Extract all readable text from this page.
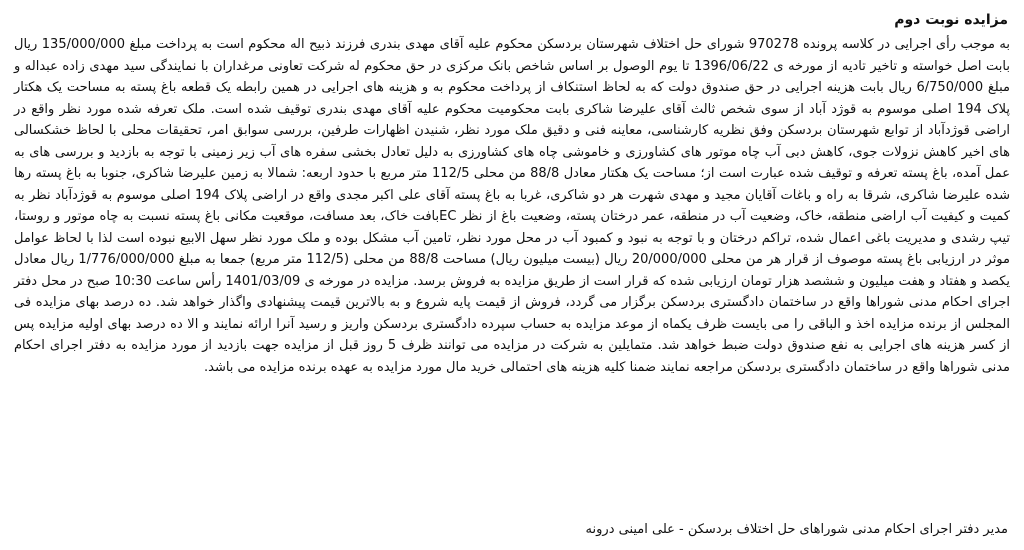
مزایده نوبت دوم

به موجب رأی اجرایی در کلاسه پرونده 970278 شورای حل اختلاف شهرستان بردسکن محکوم علیه آقای مهدی بندری فرزند ذبیح اله محکوم است به پرداخت مبلغ 135/000/000 ریال بابت اصل خواسته و تاخیر تادیه از مورخه ی 1396/06/22 تا یوم الوصول بر اساس شاخص بانک مرکزی در حق محکوم له شرکت تعاونی مرغداران با نمایندگی سید مهدی زاده عبداله و مبلغ 6/750/000 ریال بابت هزینه اجرایی در حق صندوق دولت که به لحاظ استنکاف از پرداخت محکوم به و هزینه های اجرایی در همین رابطه یک قطعه باغ پسته به مساحت یک هکتار پلاک 194 اصلی موسوم به قوژد آباد از سوی شخص ثالث آقای علیرضا شاکری بابت محکومیت محکوم علیه آقای مهدی بندری توقیف شده است. ملک تعرفه شده مورد نظر واقع در اراضی قوژدآباد از توابع شهرستان بردسکن وفق نظریه کارشناسی، معاینه فنی و دقیق ملک مورد نظر، شنیدن اظهارات طرفین، بررسی سوابق امر، تحقیقات محلی با لحاظ خشکسالی های اخیر کاهش نزولات جوی، کاهش دبی آب چاه موتور های کشاورزی و خاموشی چاه های کشاورزی به دلیل تعادل بخشی سفره های آب زیر زمینی با توجه به بازدید و بررسی های به عمل آمده، باغ پسته تعرفه و توقیف شده عبارت است از؛ مساحت یک هکتار معادل 88/8 من محلی 112/5 متر مربع با حدود اربعه: شمالا به زمین علیرضا شاکری، جنوبا به باغ پسته رها شده علیرضا شاکری، شرقا به راه و باغات آقایان مجید و مهدی شهرت هر دو شاکری، غربا به باغ پسته آقای علی اکبر مجدی واقع در اراضی پلاک 194 اصلی موسوم به قوژدآباد نظر به کمیت و کیفیت آب اراضی منطقه، خاک، وضعیت آب در منطقه، عمر درختان پسته، وضعیت باغ از نظر ECبافت خاک، بعد مسافت، موقعیت مکانی باغ پسته نسبت به چاه موتور و روستا، تیپ رشدی و مدیریت باغی اعمال شده، تراکم درختان و با توجه به نبود و کمبود آب در محل مورد نظر، تامین آب مشکل بوده و ملک مورد نظر سهل الابیع نبوده است لذا با لحاظ عوامل موثر در ارزیابی باغ پسته موصوف از قرار هر من محلی 20/000/000 ریال (بیست میلیون ریال) مساحت 88/8 من محلی (112/5 متر مربع) جمعا به مبلغ 1/776/000/000 ریال معادل یکصد و هفتاد و هفت میلیون و ششصد هزار تومان ارزیابی شده که قرار است از طریق مزایده به فروش برسد. مزایده در مورخه ی 1401/03/09 رأس ساعت 10:30 صبح در محل دفتر اجرای احکام مدنی شوراها واقع در ساختمان دادگستری بردسکن برگزار می گردد، فروش از قیمت پایه شروع و به بالاترین قیمت پیشنهادی واگذار خواهد شد. ده درصد بهای مزایده فی المجلس از برنده مزایده اخذ و الباقی را می بایست ظرف یکماه از موعد مزایده به حساب سپرده دادگستری بردسکن واریز و رسید آنرا ارائه نمایند و الا ده درصد بهای اولیه مزایده پس از کسر هزینه های اجرایی به نفع صندوق دولت ضبط خواهد شد. متمایلین به شرکت در مزایده می توانند ظرف 5 روز قبل از مزایده جهت بازدید از مورد مزایده به دفتر اجرای احکام مدنی شوراها واقع در ساختمان دادگستری بردسکن مراجعه نمایند ضمنا کلیه هزینه های احتمالی خرید مال مورد مزایده به عهده برنده مزایده می باشد.

مدیر دفتر اجرای احکام مدنی شوراهای حل اختلاف بردسکن - علی امینی درونه
